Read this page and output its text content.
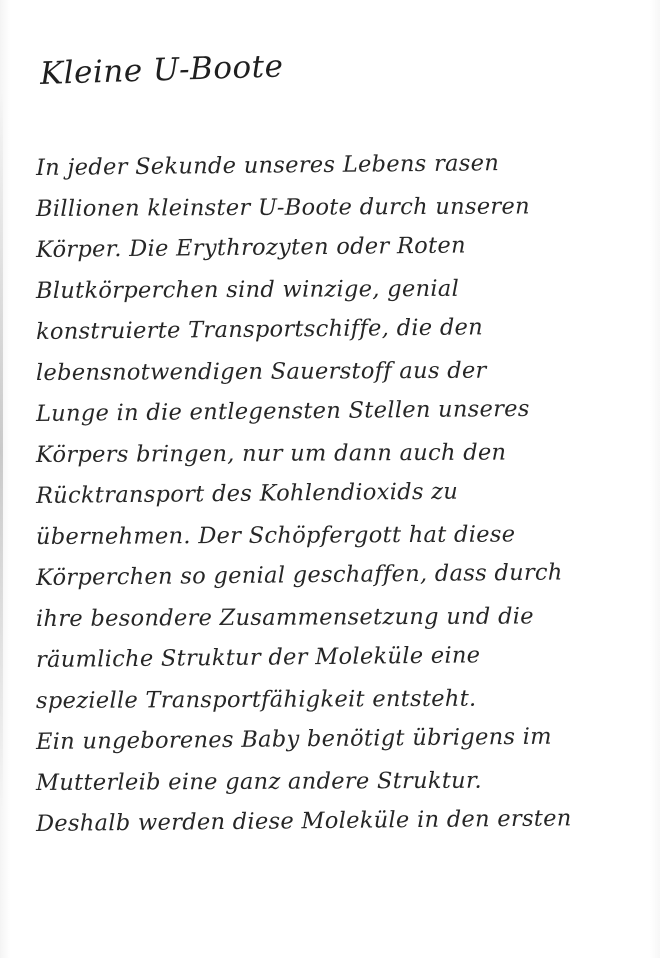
Kleine U-Boote
In jeder Sekunde unseres Lebens rasen
Billionen kleinster U-Boote durch unseren
Körper. Die Erythrozyten oder Roten
Blutkörperchen sind winzige, genial
konstruierte Transportschiffe, die den
lebensnotwendigen Sauerstoff aus der
Lunge in die entlegensten Stellen unseres
Körpers bringen, nur um dann auch den
Rücktransport des Kohlendioxids zu
übernehmen. Der Schöpfergott hat diese
Körperchen so genial geschaffen, dass durch
ihre besondere Zusammensetzung und die
räumliche Struktur der Moleküle eine
spezielle Transportfähigkeit entsteht.
Ein ungeborenes Baby benötigt übrigens im
Mutterleib eine ganz andere Struktur.
Deshalb werden diese Moleküle in den ersten
